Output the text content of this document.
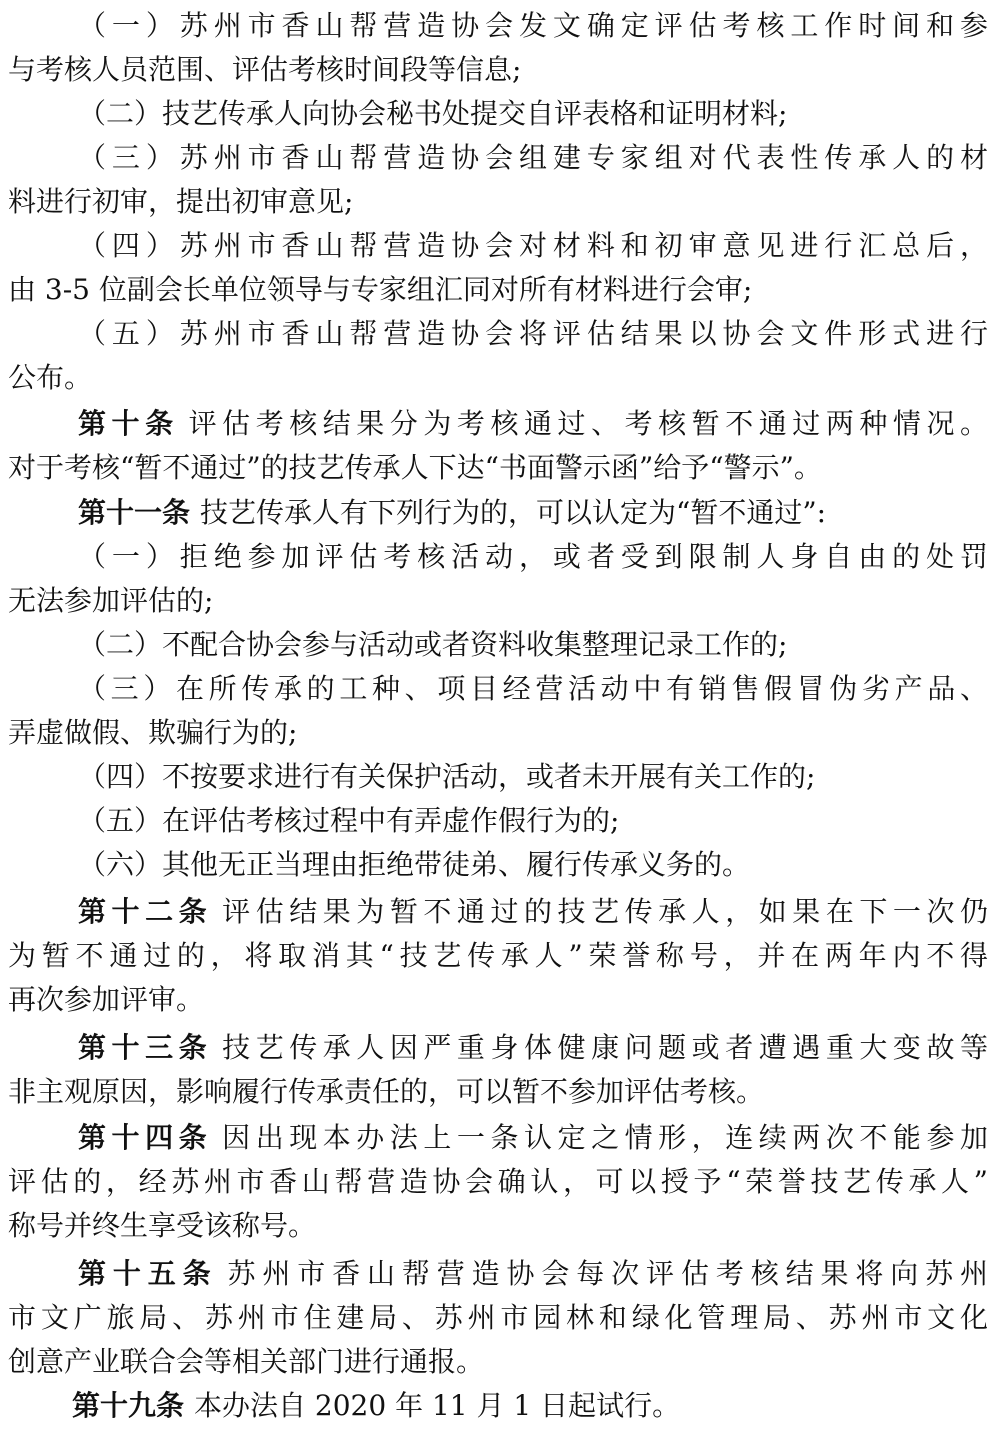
（一）苏州市香山帮营造协会发文确定评估考核工作时间和参
与考核人员范围、评估考核时间段等信息;
（二）技艺传承人向协会秘书处提交自评表格和证明材料;
（三）苏州市香山帮营造协会组建专家组对代表性传承人的材
料进行初审，提出初审意见;
（四）苏州市香山帮营造协会对材料和初审意见进行汇总后，
由 3-5 位副会长单位领导与专家组汇同对所有材料进行会审;
（五）苏州市香山帮营造协会将评估结果以协会文件形式进行
公布。
第十条 评估考核结果分为考核通过、考核暂不通过两种情况。
对于考核“暂不通过”的技艺传承人下达“书面警示函”给予“警示”。
第十一条 技艺传承人有下列行为的，可以认定为“暂不通过”:
（一）拒绝参加评估考核活动，或者受到限制人身自由的处罚
无法参加评估的;
（二）不配合协会参与活动或者资料收集整理记录工作的;
（三）在所传承的工种、项目经营活动中有销售假冒伪劣产品、
弄虚做假、欺骗行为的;
（四）不按要求进行有关保护活动，或者未开展有关工作的;
（五）在评估考核过程中有弄虚作假行为的;
（六）其他无正当理由拒绝带徒弟、履行传承义务的。
第十二条 评估结果为暂不通过的技艺传承人，如果在下一次仍
为暂不通过的，将取消其“技艺传承人”荣誉称号，并在两年内不得
再次参加评审。
第十三条 技艺传承人因严重身体健康问题或者遭遇重大变故等
非主观原因，影响履行传承责任的，可以暂不参加评估考核。
第十四条 因出现本办法上一条认定之情形，连续两次不能参加
评估的，经苏州市香山帮营造协会确认，可以授予“荣誉技艺传承人”
称号并终生享受该称号。
第十五条 苏州市香山帮营造协会每次评估考核结果将向苏州
市文广旅局、苏州市住建局、苏州市园林和绿化管理局、苏州市文化
创意产业联合会等相关部门进行通报。
第十九条 本办法自 2020 年 11 月 1 日起试行。
